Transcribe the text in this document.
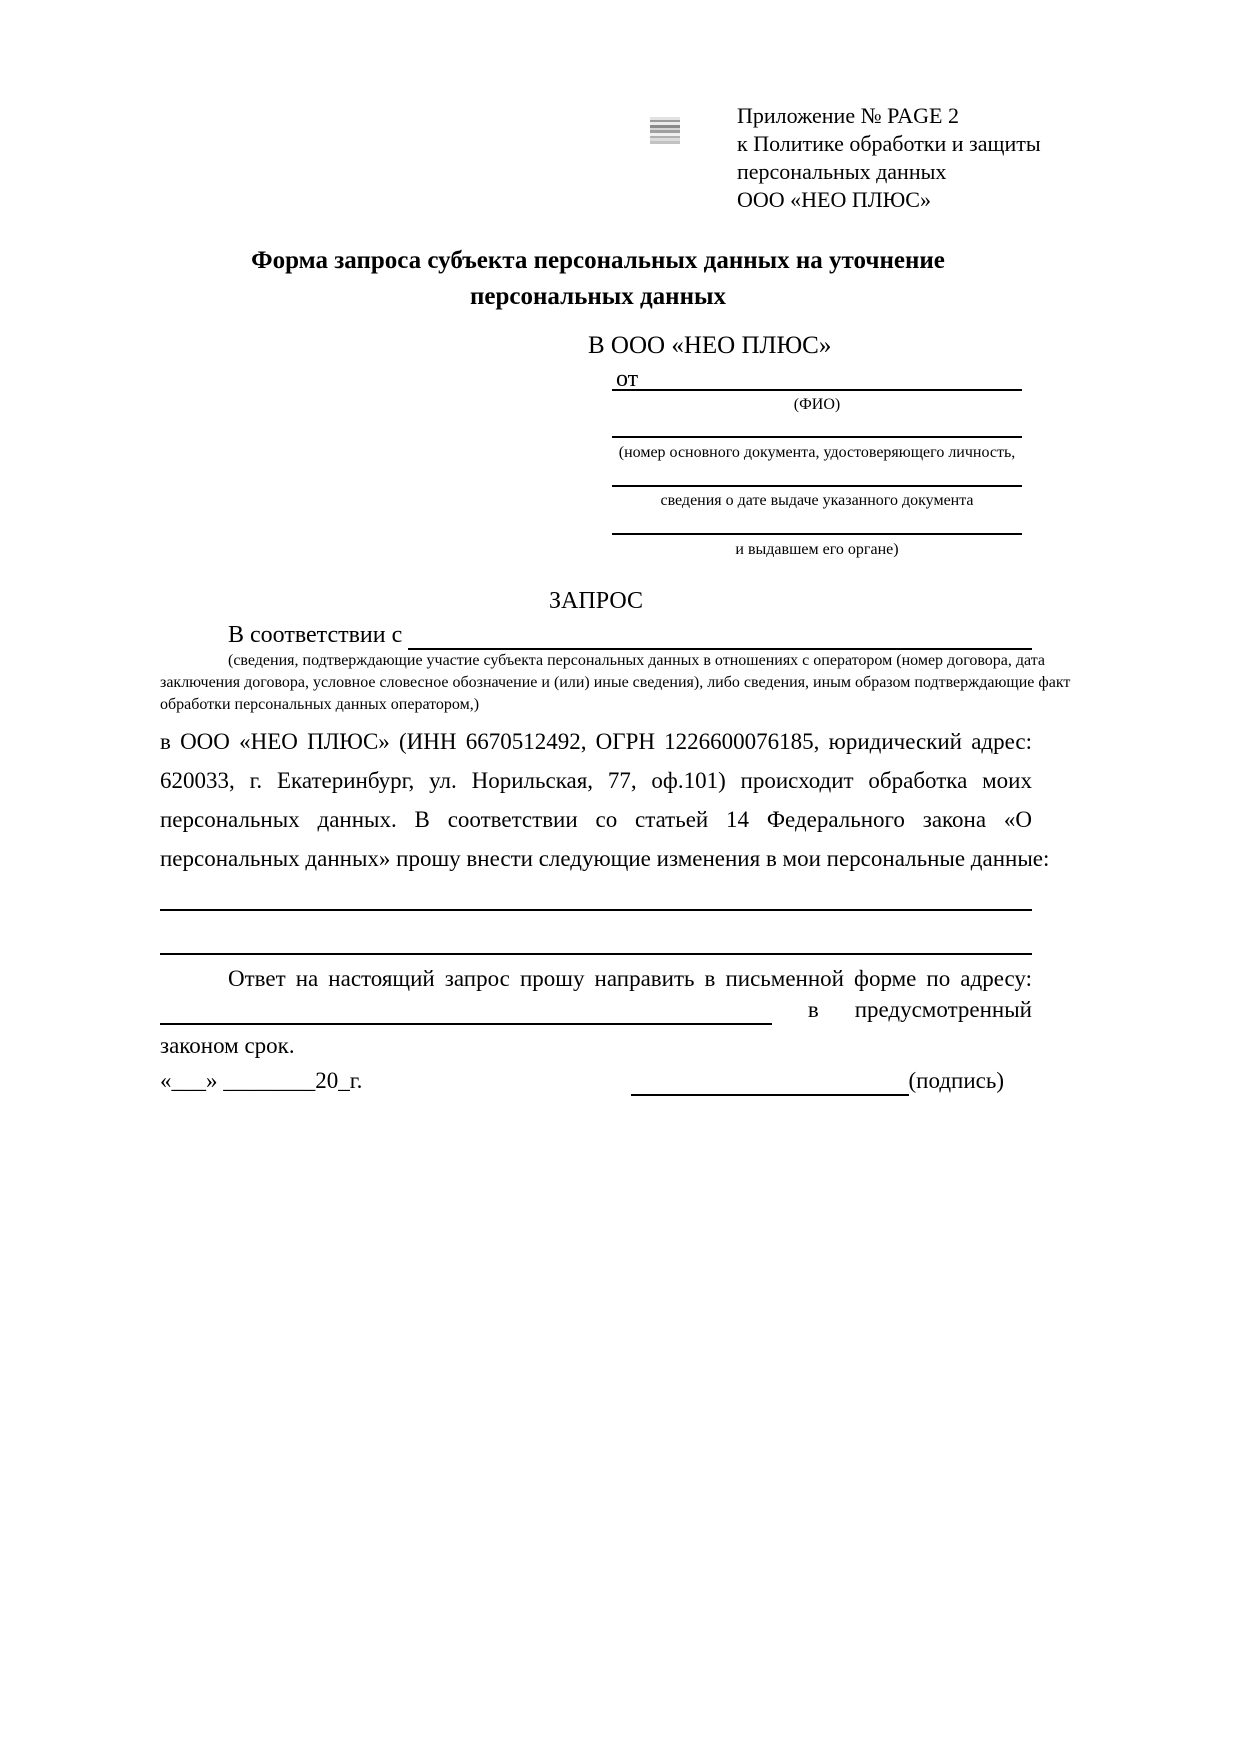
Приложение № PAGE 2
к Политике обработки и защиты
персональных данных
ООО «НЕО ПЛЮС»
Форма запроса субъекта персональных данных на уточнение персональных данных
В ООО «НЕО ПЛЮС»
от
(ФИО)
(номер основного документа, удостоверяющего личность,
сведения о дате выдаче указанного документа
и выдавшем его органе)
ЗАПРОС
В соответствии с
(сведения, подтверждающие участие субъекта персональных данных в отношениях с оператором (номер договора, дата
заключения договора, условное словесное обозначение и (или) иные сведения), либо сведения, иным образом подтверждающие факт
обработки персональных данных оператором,)
в ООО «НЕО ПЛЮС» (ИНН 6670512492, ОГРН 1226600076185, юридический адрес:
620033, г. Екатеринбург, ул. Норильская, 77, оф.101) происходит обработка моих
персональных данных. В соответствии со статьей 14 Федерального закона «О
персональных данных» прошу внести следующие изменения в мои персональные данные:
Ответ на настоящий запрос прошу направить в письменной форме по адресу:
в предусмотренный
законом срок.
«___» ________20_г.	(подпись)
